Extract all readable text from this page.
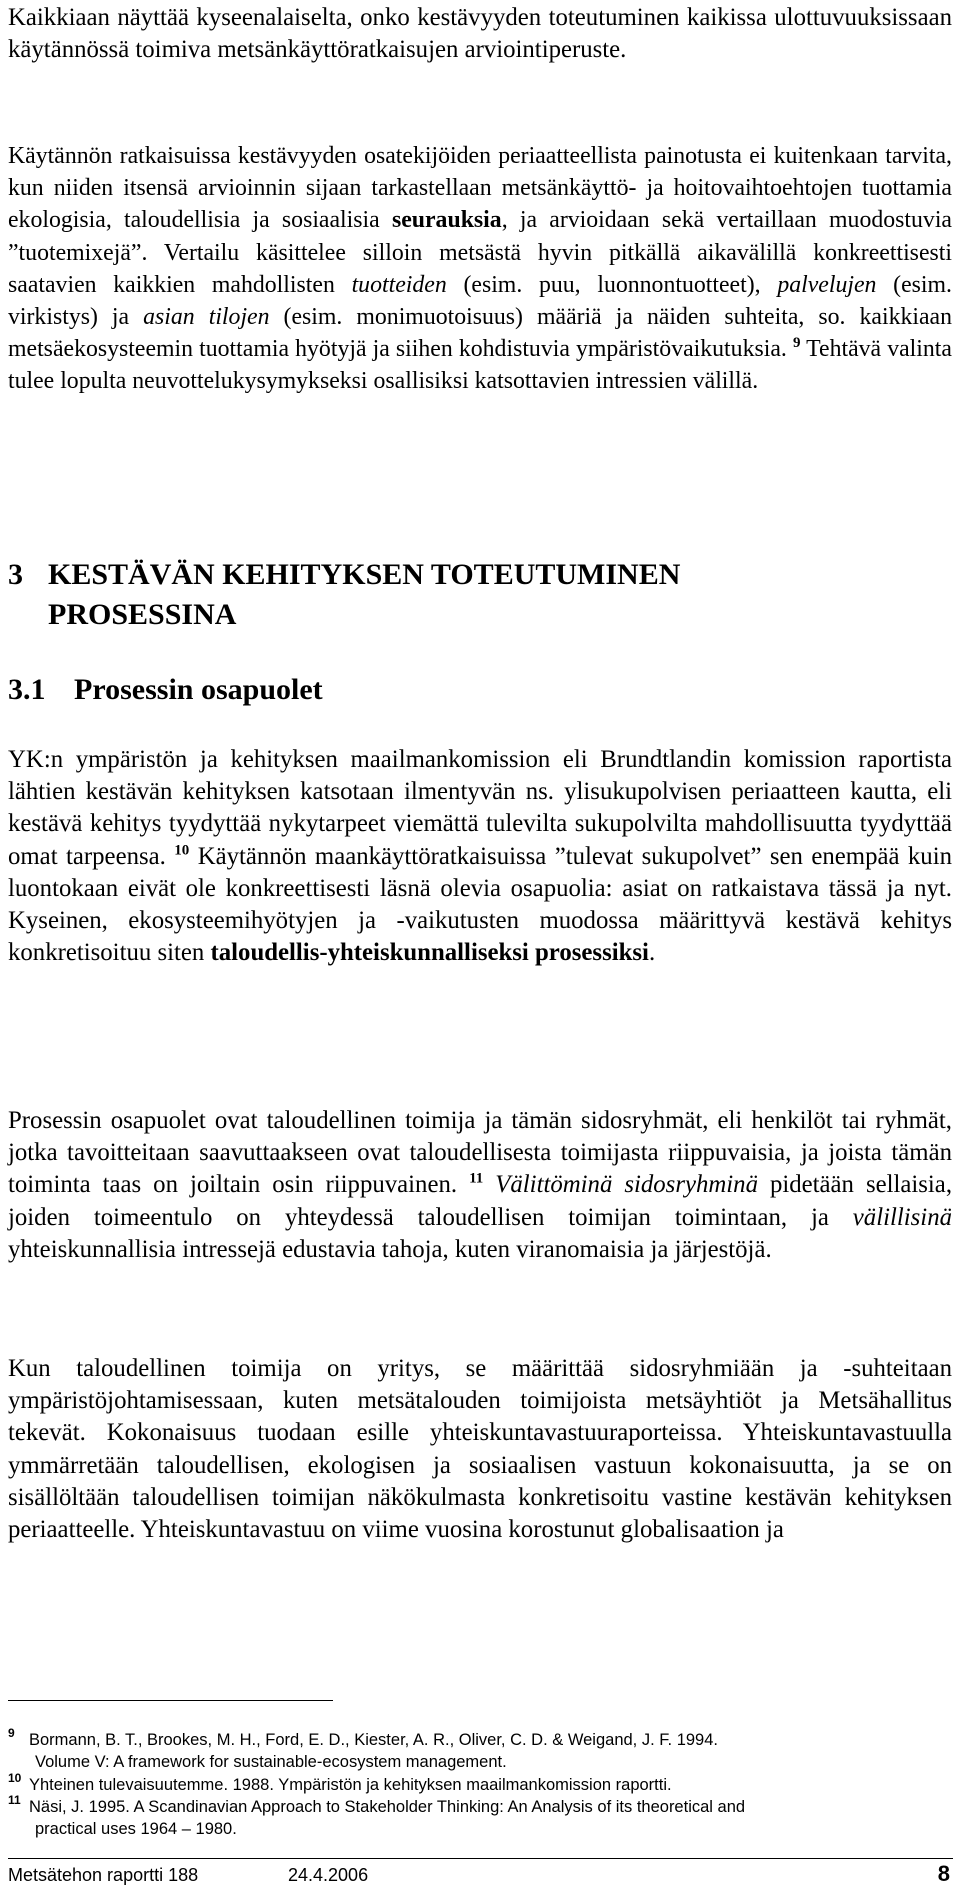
Kaikkiaan näyttää kyseenalaiselta, onko kestävyyden toteutuminen kaikissa ulottuvuuksissaan käytännössä toimiva metsänkäyttöratkaisujen arviointiperuste.

Käytännön ratkaisuissa kestävyyden osatekijöiden periaatteellista painotusta ei kuitenkaan tarvita, kun niiden itsensä arvioinnin sijaan tarkastellaan metsänkäyttö- ja hoitovaihtoehtojen tuottamia ekologisia, taloudellisia ja sosiaalisia seurauksia, ja arvioidaan sekä vertaillaan muodostuvia ”tuotemixejä”. Vertailu käsittelee silloin metsästä hyvin pitkällä aikavälillä konkreettisesti saatavien kaikkien mahdollisten tuotteiden (esim. puu, luonnontuotteet), palvelujen (esim. virkistys) ja asian tilojen (esim. monimuotoisuus) määriä ja näiden suhteita, so. kaikkiaan metsäekosysteemin tuottamia hyötyjä ja siihen kohdistuvia ympäristövaikutuksia. $^9$ Tehtävä valinta tulee lopulta neuvottelukysymykseksi osallisiksi katsottavien intressien välillä.

3 KESTÄVÄN KEHITYKSEN TOTEUTUMINEN
PROSESSINA
3.1 Prosessin osapuolet

YK:n ympäristön ja kehityksen maailmankomission eli Brundtlandin komission raportista lähtien kestävän kehityksen katsotaan ilmentyvän ns. ylisukupolvisen periaatteen kautta, eli kestävä kehitys tyydyttää nykytarpeet viemättä tulevilta sukupolvilta mahdollisuutta tyydyttää omat tarpeensa. $^{10}$ Käytännön maankäyttöratkaisuissa ”tulevat sukupolvet” sen enempää kuin luontokaan eivät ole konkreettisesti läsnä olevia osapuolia: asiat on ratkaistava tässä ja nyt. Kyseinen, ekosysteemihyötyjen ja -vaikutusten muodossa määrittyvä kestävä kehitys konkretisoituu siten taloudellis-yhteiskunnalliseksi prosessiksi.

Prosessin osapuolet ovat taloudellinen toimija ja tämän sidosryhmät, eli henkilöt tai ryhmät, jotka tavoitteitaan saavuttaakseen ovat taloudellisesta toimijasta riippuvaisia, ja joista tämän toiminta taas on joiltain osin riippuvainen. $^{11}$ Välittöminä sidosryhminä pidetään sellaisia, joiden toimeentulo on yhteydessä taloudellisen toimijan toimintaan, ja välillisinä yhteiskunnallisia intressejä edustavia tahoja, kuten viranomaisia ja järjestöjä.

Kun taloudellinen toimija on yritys, se määrittää sidosryhmiään ja -suhteitaan ympäristöjohtamisessaan, kuten metsätalouden toimijoista metsäyhtiöt ja Metsähallitus tekevät. Kokonaisuus tuodaan esille yhteiskuntavastuuraporteissa. Yhteiskuntavastuulla ymmärretään taloudellisen, ekologisen ja sosiaalisen vastuun kokonaisuutta, ja se on sisällöltään taloudellisen toimijan näkökulmasta konkretisoitu vastine kestävän kehityksen periaatteelle. Yhteiskuntavastuu on viime vuosina korostunut globalisaation ja

9 Bormann, B. T., Brookes, M. H., Ford, E. D., Kiester, A. R., Oliver, C. D. & Weigand, J. F. 1994.
Volume V: A framework for sustainable-ecosystem management.
10 Yhteinen tulevaisuutemme. 1988. Ympäristön ja kehityksen maailmankomission raportti.
11 Näsi, J. 1995. A Scandinavian Approach to Stakeholder Thinking: An Analysis of its theoretical and
practical uses 1964 – 1980.
Metsätehon raportti 188	24.4.2006	8
